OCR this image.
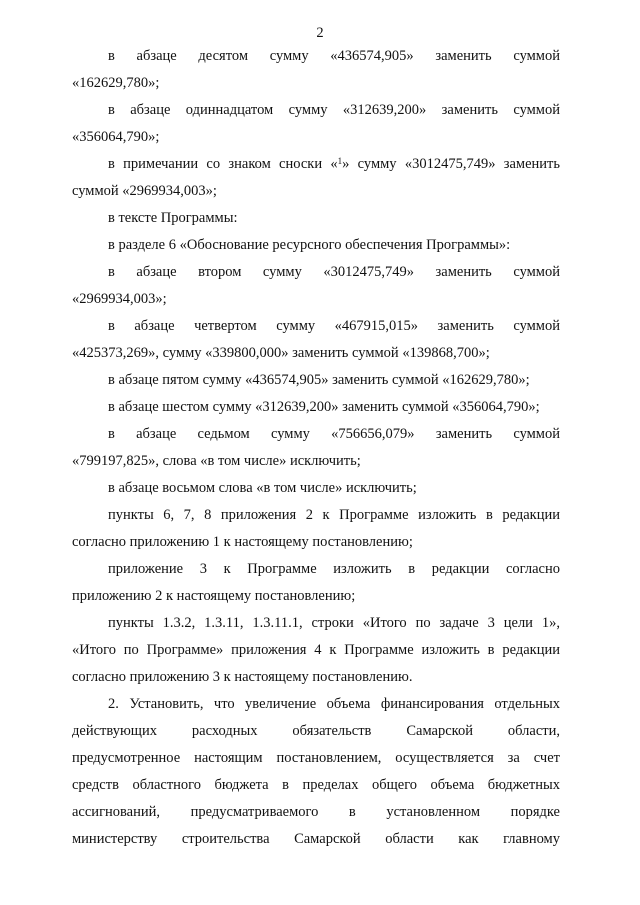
2
в абзаце десятом сумму «436574,905» заменить суммой
«162629,780»;
в абзаце одиннадцатом сумму «312639,200» заменить суммой
«356064,790»;
в примечании со знаком сноски «$^1$» сумму «3012475,749» заменить
суммой «2969934,003»;
в тексте Программы:
в разделе 6 «Обоснование ресурсного обеспечения Программы»:
в абзаце втором сумму «3012475,749» заменить суммой
«2969934,003»;
в абзаце четвертом сумму «467915,015» заменить суммой
«425373,269», сумму «339800,000» заменить суммой «139868,700»;
в абзаце пятом сумму «436574,905» заменить суммой «162629,780»;
в абзаце шестом сумму «312639,200» заменить суммой «356064,790»;
в абзаце седьмом сумму «756656,079» заменить суммой
«799197,825», слова «в том числе» исключить;
в абзаце восьмом слова «в том числе» исключить;
пункты 6, 7, 8 приложения 2 к Программе изложить в редакции
согласно приложению 1 к настоящему постановлению;
приложение 3 к Программе изложить в редакции согласно
приложению 2 к настоящему постановлению;
пункты 1.3.2, 1.3.11, 1.3.11.1, строки «Итого по задаче 3 цели 1»,
«Итого по Программе» приложения 4 к Программе изложить в редакции
согласно приложению 3 к настоящему постановлению.
2. Установить, что увеличение объема финансирования отдельных
действующих расходных обязательств Самарской области,
предусмотренное настоящим постановлением, осуществляется за счет
средств областного бюджета в пределах общего объема бюджетных
ассигнований, предусматриваемого в установленном порядке
министерству строительства Самарской области как главному
